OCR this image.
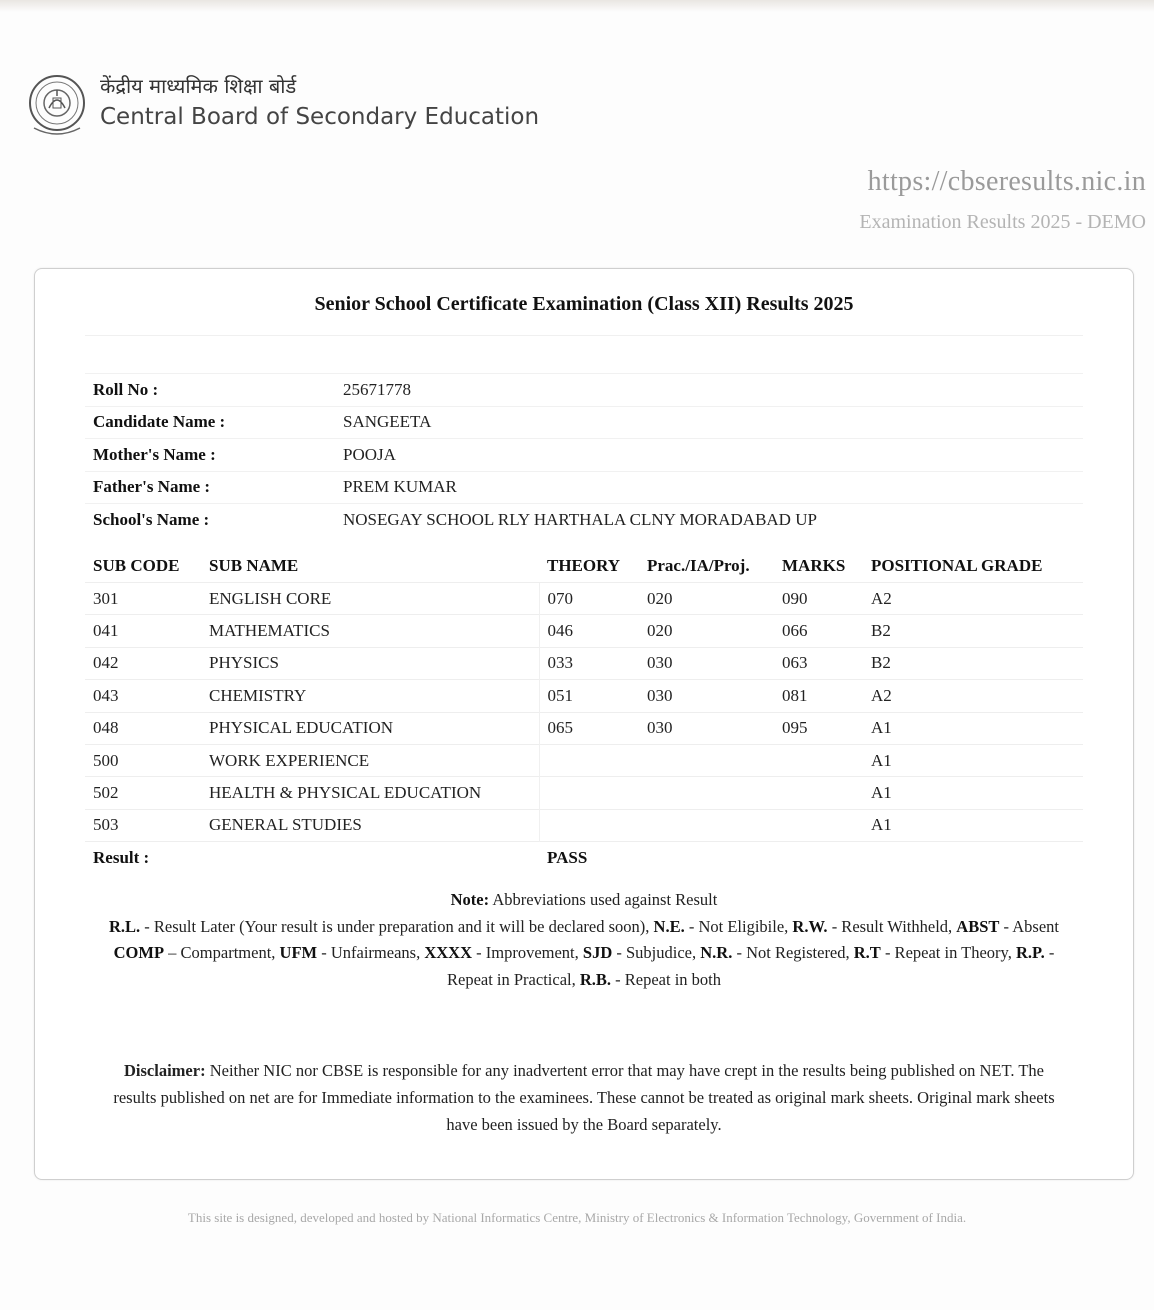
केंद्रीय माध्यमिक शिक्षा बोर्ड
Central Board of Secondary Education
https://cbseresults.nic.in
Examination Results 2025 - DEMO
Senior School Certificate Examination (Class XII) Results 2025
Roll No :	25671778
Candidate Name :	SANGEETA
Mother's Name :	POOJA
Father's Name :	PREM KUMAR
School's Name :	NOSEGAY SCHOOL RLY HARTHALA CLNY MORADABAD UP
SUB CODE	SUB NAME	THEORY	Prac./IA/Proj.	MARKS	POSITIONAL GRADE
301	ENGLISH CORE	070	020	090	A2
041	MATHEMATICS	046	020	066	B2
042	PHYSICS	033	030	063	B2
043	CHEMISTRY	051	030	081	A2
048	PHYSICAL EDUCATION	065	030	095	A1
500	WORK EXPERIENCE				A1
502	HEALTH & PHYSICAL EDUCATION				A1
503	GENERAL STUDIES				A1
Result :		PASS			
Note: Abbreviations used against Result
R.L. - Result Later (Your result is under preparation and it will be declared soon), N.E. - Not Eligibile, R.W. - Result Withheld, ABST - Absent
COMP – Compartment, UFM - Unfairmeans, XXXX - Improvement, SJD - Subjudice, N.R. - Not Registered, R.T - Repeat in Theory, R.P. - Repeat in Practical, R.B. - Repeat in both
Disclaimer: Neither NIC nor CBSE is responsible for any inadvertent error that may have crept in the results being published on NET. The results published on net are for Immediate information to the examinees. These cannot be treated as original mark sheets. Original mark sheets have been issued by the Board separately.
This site is designed, developed and hosted by National Informatics Centre, Ministry of Electronics & Information Technology, Government of India.
